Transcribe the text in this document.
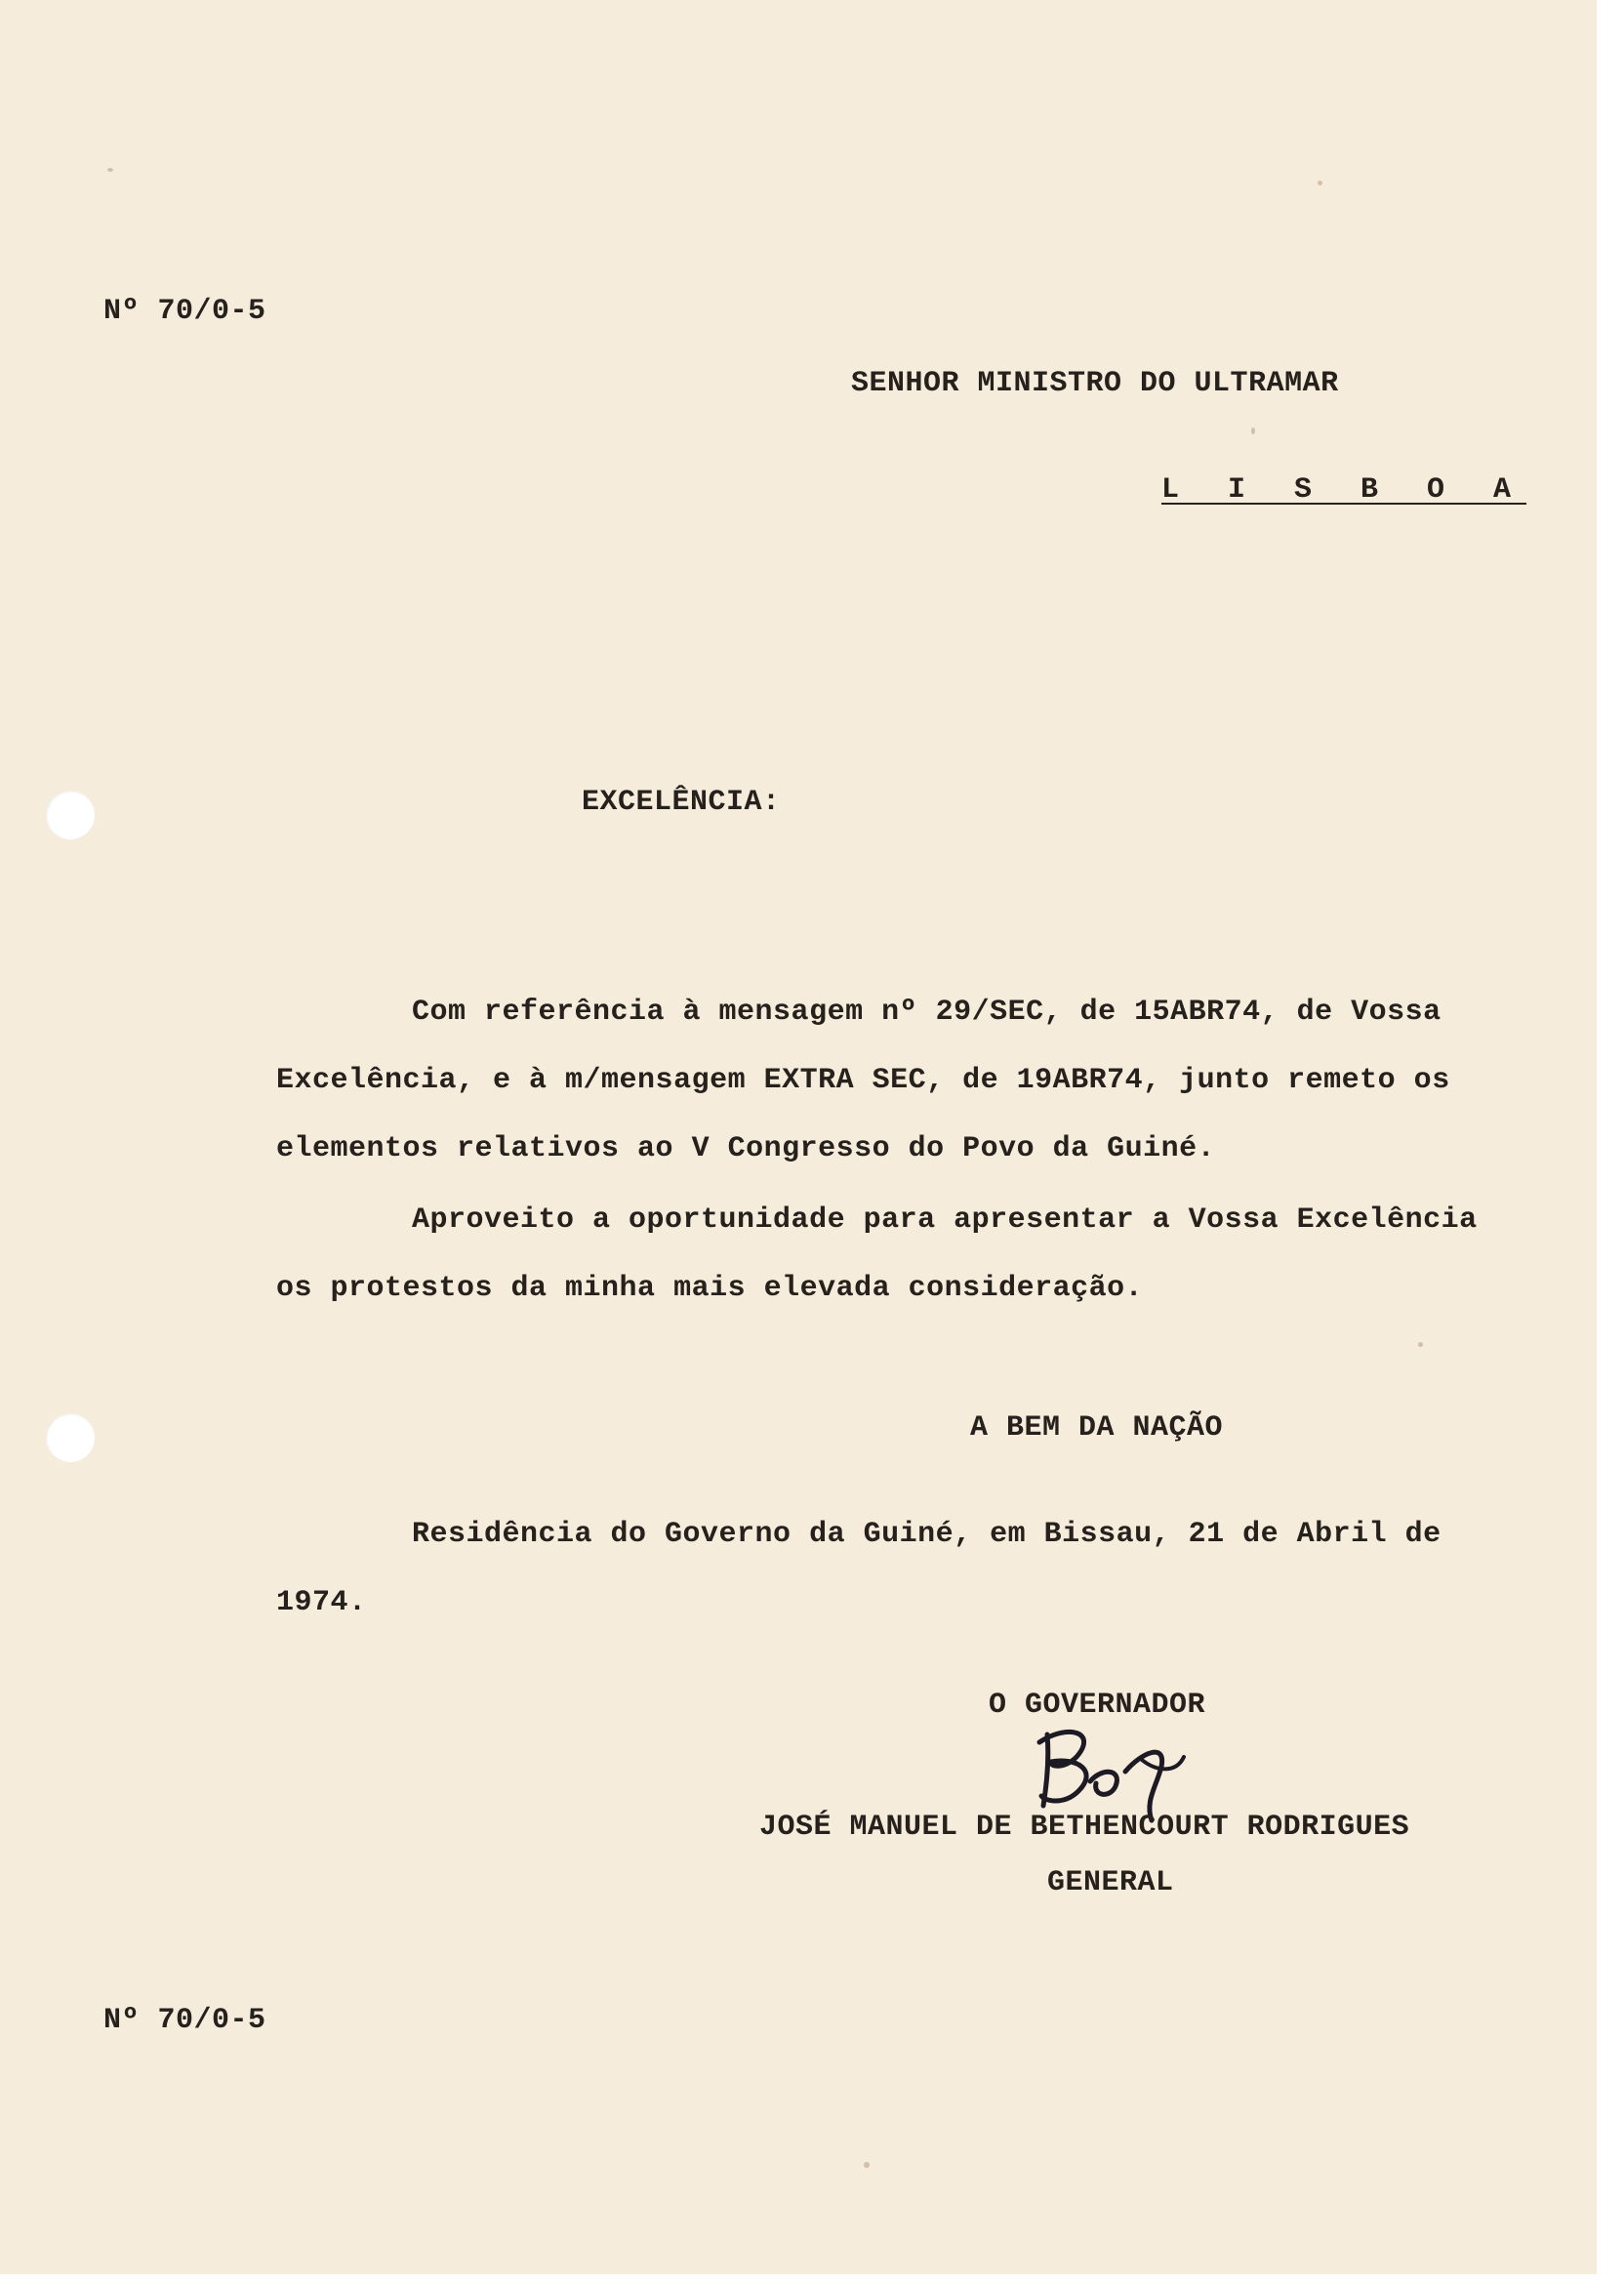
Nº 70/0-5
SENHOR MINISTRO DO ULTRAMAR
L I S B O A
EXCELÊNCIA:
Com referência à mensagem nº 29/SEC, de 15ABR74, de Vossa
Excelência, e à m/mensagem EXTRA SEC, de 19ABR74, junto remeto os
elementos relativos ao V Congresso do Povo da Guiné.
Aproveito a oportunidade para apresentar a Vossa Excelência
os protestos da minha mais elevada consideração.
A BEM DA NAÇÃO
Residência do Governo da Guiné, em Bissau, 21 de Abril de
1974.
O GOVERNADOR
JOSÉ MANUEL DE BETHENCOURT RODRIGUES
GENERAL
Nº 70/0-5
